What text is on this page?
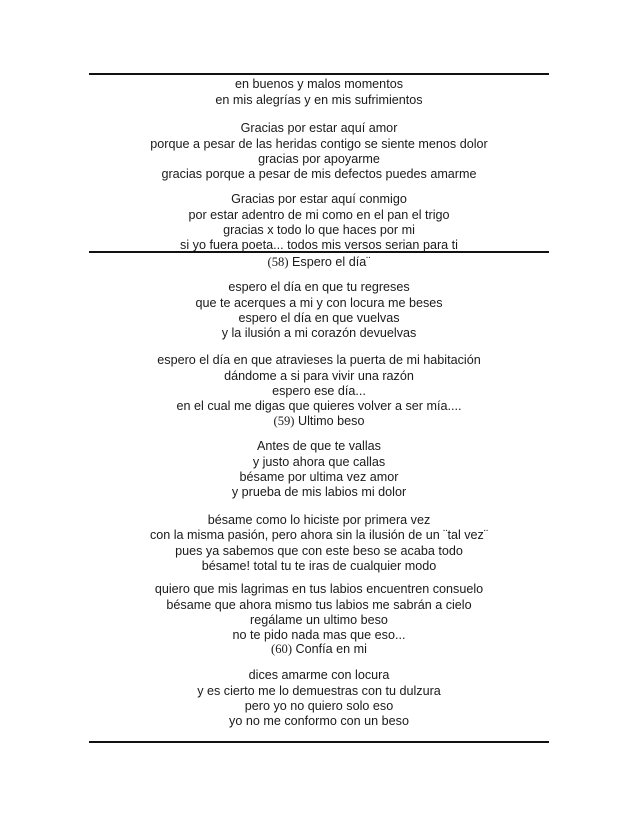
en buenos y malos momentos
en mis alegrías y en mis sufrimientos
Gracias por estar aquí amor
porque a pesar de las heridas contigo se siente menos dolor
gracias por apoyarme
gracias porque a pesar de mis defectos puedes amarme
Gracias por estar aquí conmigo
por estar adentro de mi como en el pan el trigo
gracias x todo lo que haces por mi
si yo fuera poeta... todos mis versos serian para ti
(58) Espero el día¨
espero el día en que tu regreses
que te acerques a mi y con locura me beses
espero el día en que vuelvas
y la ilusión a mi corazón devuelvas
espero el día en que atravieses la puerta de mi habitación
dándome a si para vivir una razón
espero ese día...
en el cual me digas que quieres volver a ser mía....
(59) Ultimo beso
Antes de que te vallas
y justo ahora que callas
bésame por ultima vez amor
y prueba de mis labios mi dolor
bésame como lo hiciste por primera vez
con la misma pasión, pero ahora sin la ilusión de un ¨tal vez¨
pues ya sabemos que con este beso se acaba todo
bésame! total tu te iras de cualquier modo
quiero que mis lagrimas en tus labios encuentren consuelo
bésame que ahora mismo tus labios me sabrán a cielo
regálame un ultimo beso
no te pido nada mas que eso...
(60) Confía en mi
dices amarme con locura
y es cierto me lo demuestras con tu dulzura
pero yo no quiero solo eso
yo no me conformo con un beso
